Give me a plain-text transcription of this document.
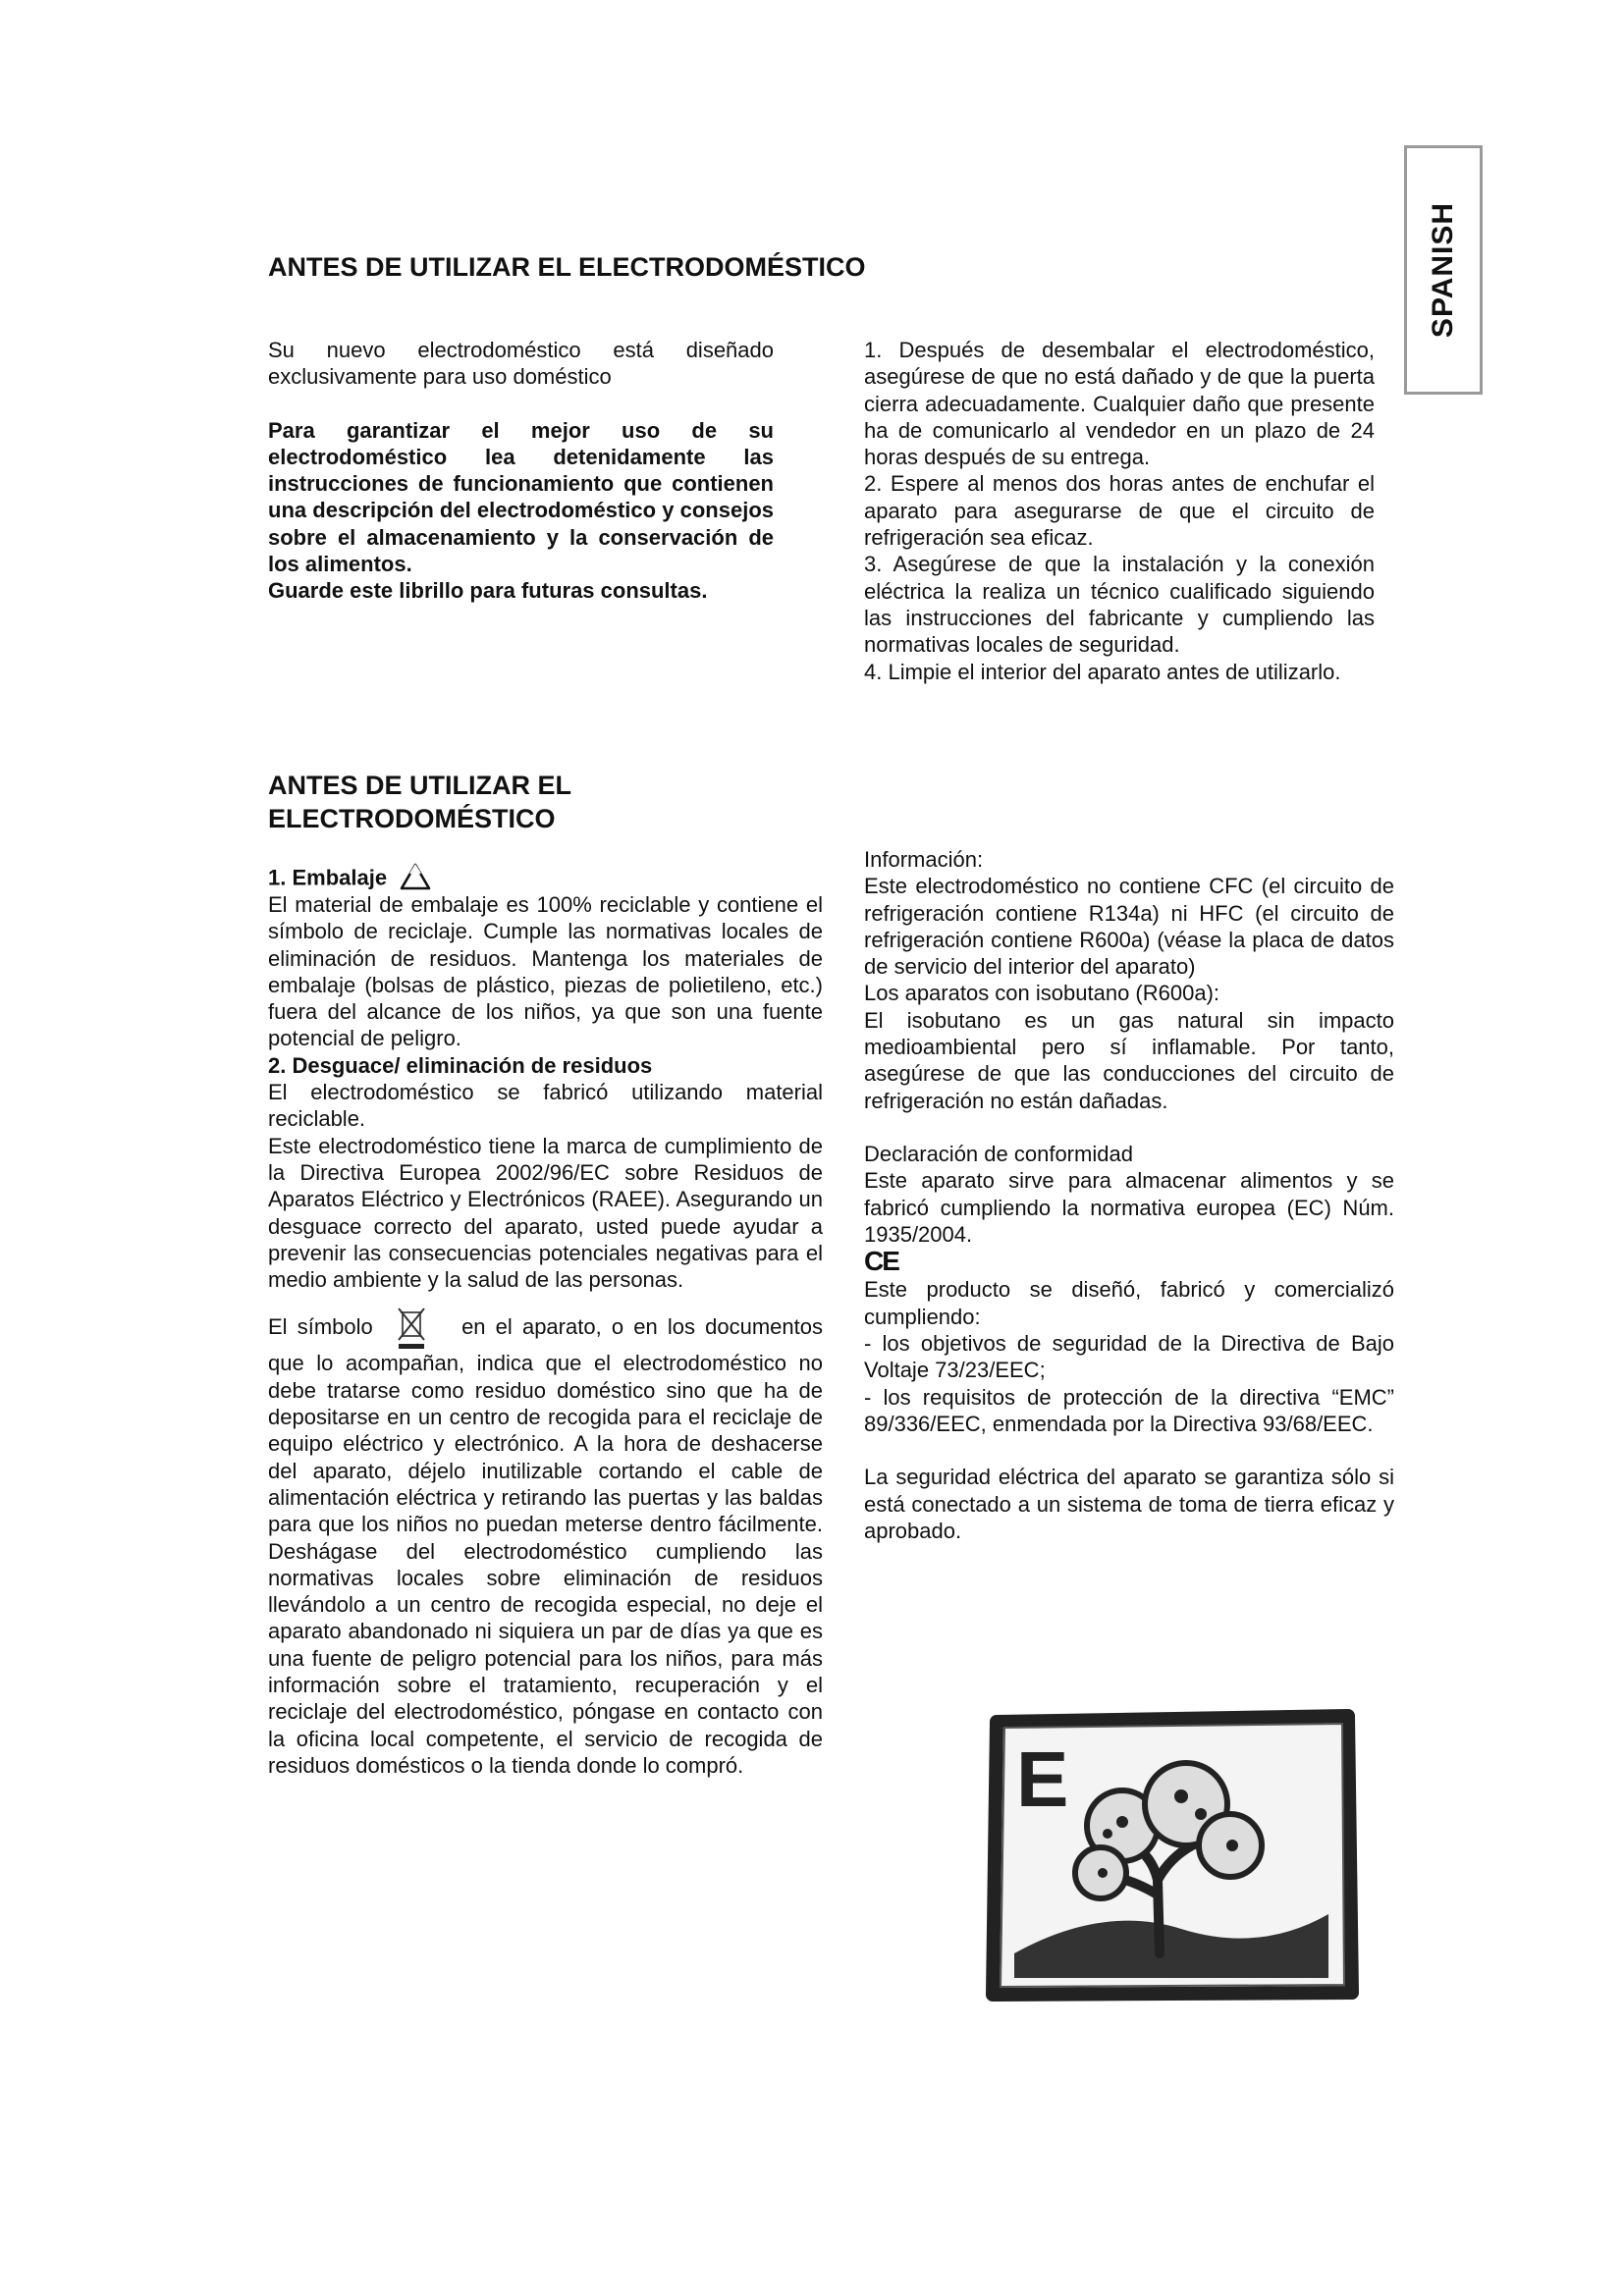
SPANISH
ANTES DE UTILIZAR EL ELECTRODOMÉSTICO

Su nuevo electrodoméstico está diseñado exclusivamente para uso doméstico

Para garantizar el mejor uso de su electrodoméstico lea detenidamente las instrucciones de funcionamiento que contienen una descripción del electrodoméstico y consejos sobre el almacenamiento y la conservación de los alimentos.

Guarde este librillo para futuras consultas.

1. Después de desembalar el electrodoméstico, asegúrese de que no está dañado y de que la puerta cierra adecuadamente. Cualquier daño que presente ha de comunicarlo al vendedor en un plazo de 24 horas después de su entrega.

2. Espere al menos dos horas antes de enchufar el aparato para asegurarse de que el circuito de refrigeración sea eficaz.

3. Asegúrese de que la instalación y la conexión eléctrica la realiza un técnico cualificado siguiendo las instrucciones del fabricante y cumpliendo las normativas locales de seguridad.

4. Limpie el interior del aparato antes de utilizarlo.

ANTES DE UTILIZAR EL
ELECTRODOMÉSTICO

1. Embalaje

El material de embalaje es 100% reciclable y contiene el símbolo de reciclaje. Cumple las normativas locales de eliminación de residuos. Mantenga los materiales de embalaje (bolsas de plástico, piezas de polietileno, etc.) fuera del alcance de los niños, ya que son una fuente potencial de peligro.

2. Desguace/ eliminación de residuos

El electrodoméstico se fabricó utilizando material reciclable.

Este electrodoméstico tiene la marca de cumplimiento de la Directiva Europea 2002/96/EC sobre Residuos de Aparatos Eléctrico y Electrónicos (RAEE). Asegurando un desguace correcto del aparato, usted puede ayudar a prevenir las consecuencias potenciales negativas para el medio ambiente y la salud de las personas.

El símbolo	en el aparato, o en los documentos que lo acompañan, indica que el electrodoméstico no debe tratarse como residuo doméstico sino que ha de depositarse en un centro de recogida para el reciclaje de equipo eléctrico y electrónico. A la hora de deshacerse del aparato, déjelo inutilizable cortando el cable de alimentación eléctrica y retirando las puertas y las baldas para que los niños no puedan meterse dentro fácilmente. Deshágase del electrodoméstico cumpliendo las normativas locales sobre eliminación de residuos llevándolo a un centro de recogida especial, no deje el aparato abandonado ni siquiera un par de días ya que es una fuente de peligro potencial para los niños, para más información sobre el tratamiento, recuperación y el reciclaje del electrodoméstico, póngase en contacto con la oficina local competente, el servicio de recogida de residuos domésticos o la tienda donde lo compró.

Información:

Este electrodoméstico no contiene CFC (el circuito de refrigeración contiene R134a) ni HFC (el circuito de refrigeración contiene R600a) (véase la placa de datos de servicio del interior del aparato)

Los aparatos con isobutano (R600a):

El isobutano es un gas natural sin impacto medioambiental pero sí inflamable. Por tanto, asegúrese de que las conducciones del circuito de refrigeración no están dañadas.

Declaración de conformidad

Este aparato sirve para almacenar alimentos y se fabricó cumpliendo la normativa europea (EC) Núm. 1935/2004.

CE

Este producto se diseñó, fabricó y comercializó cumpliendo:

- los objetivos de seguridad de la Directiva de Bajo Voltaje 73/23/EEC;

- los requisitos de protección de la directiva “EMC” 89/336/EEC, enmendada por la Directiva 93/68/EEC.

La seguridad eléctrica del aparato se garantiza sólo si está conectado a un sistema de toma de tierra eficaz y aprobado.

E
